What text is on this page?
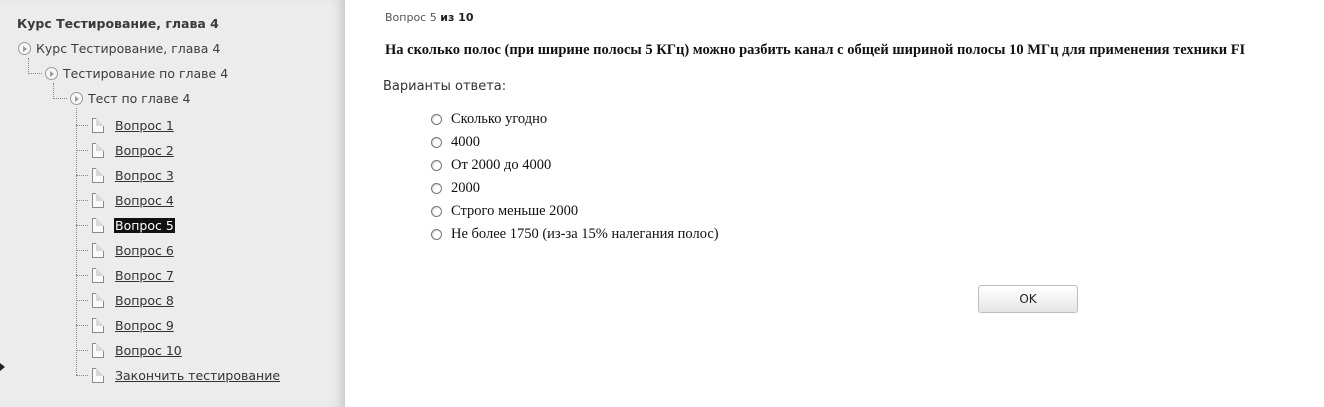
Курс Тестирование, глава 4
Курс Тестирование, глава 4
Тестирование по главе 4
Тест по главе 4
Вопрос 1
Вопрос 2
Вопрос 3
Вопрос 4
Вопрос 5
Вопрос 6
Вопрос 7
Вопрос 8
Вопрос 9
Вопрос 10
Закончить тестирование
Вопрос 5 из 10
На сколько полос (при ширине полосы 5 КГц) можно разбить канал с общей шириной полосы 10 МГц для применения техники FI
Варианты ответа:
Сколько угодно
4000
От 2000 до 4000
2000
Строго меньше 2000
Не более 1750 (из-за 15% налегания полос)
OK
